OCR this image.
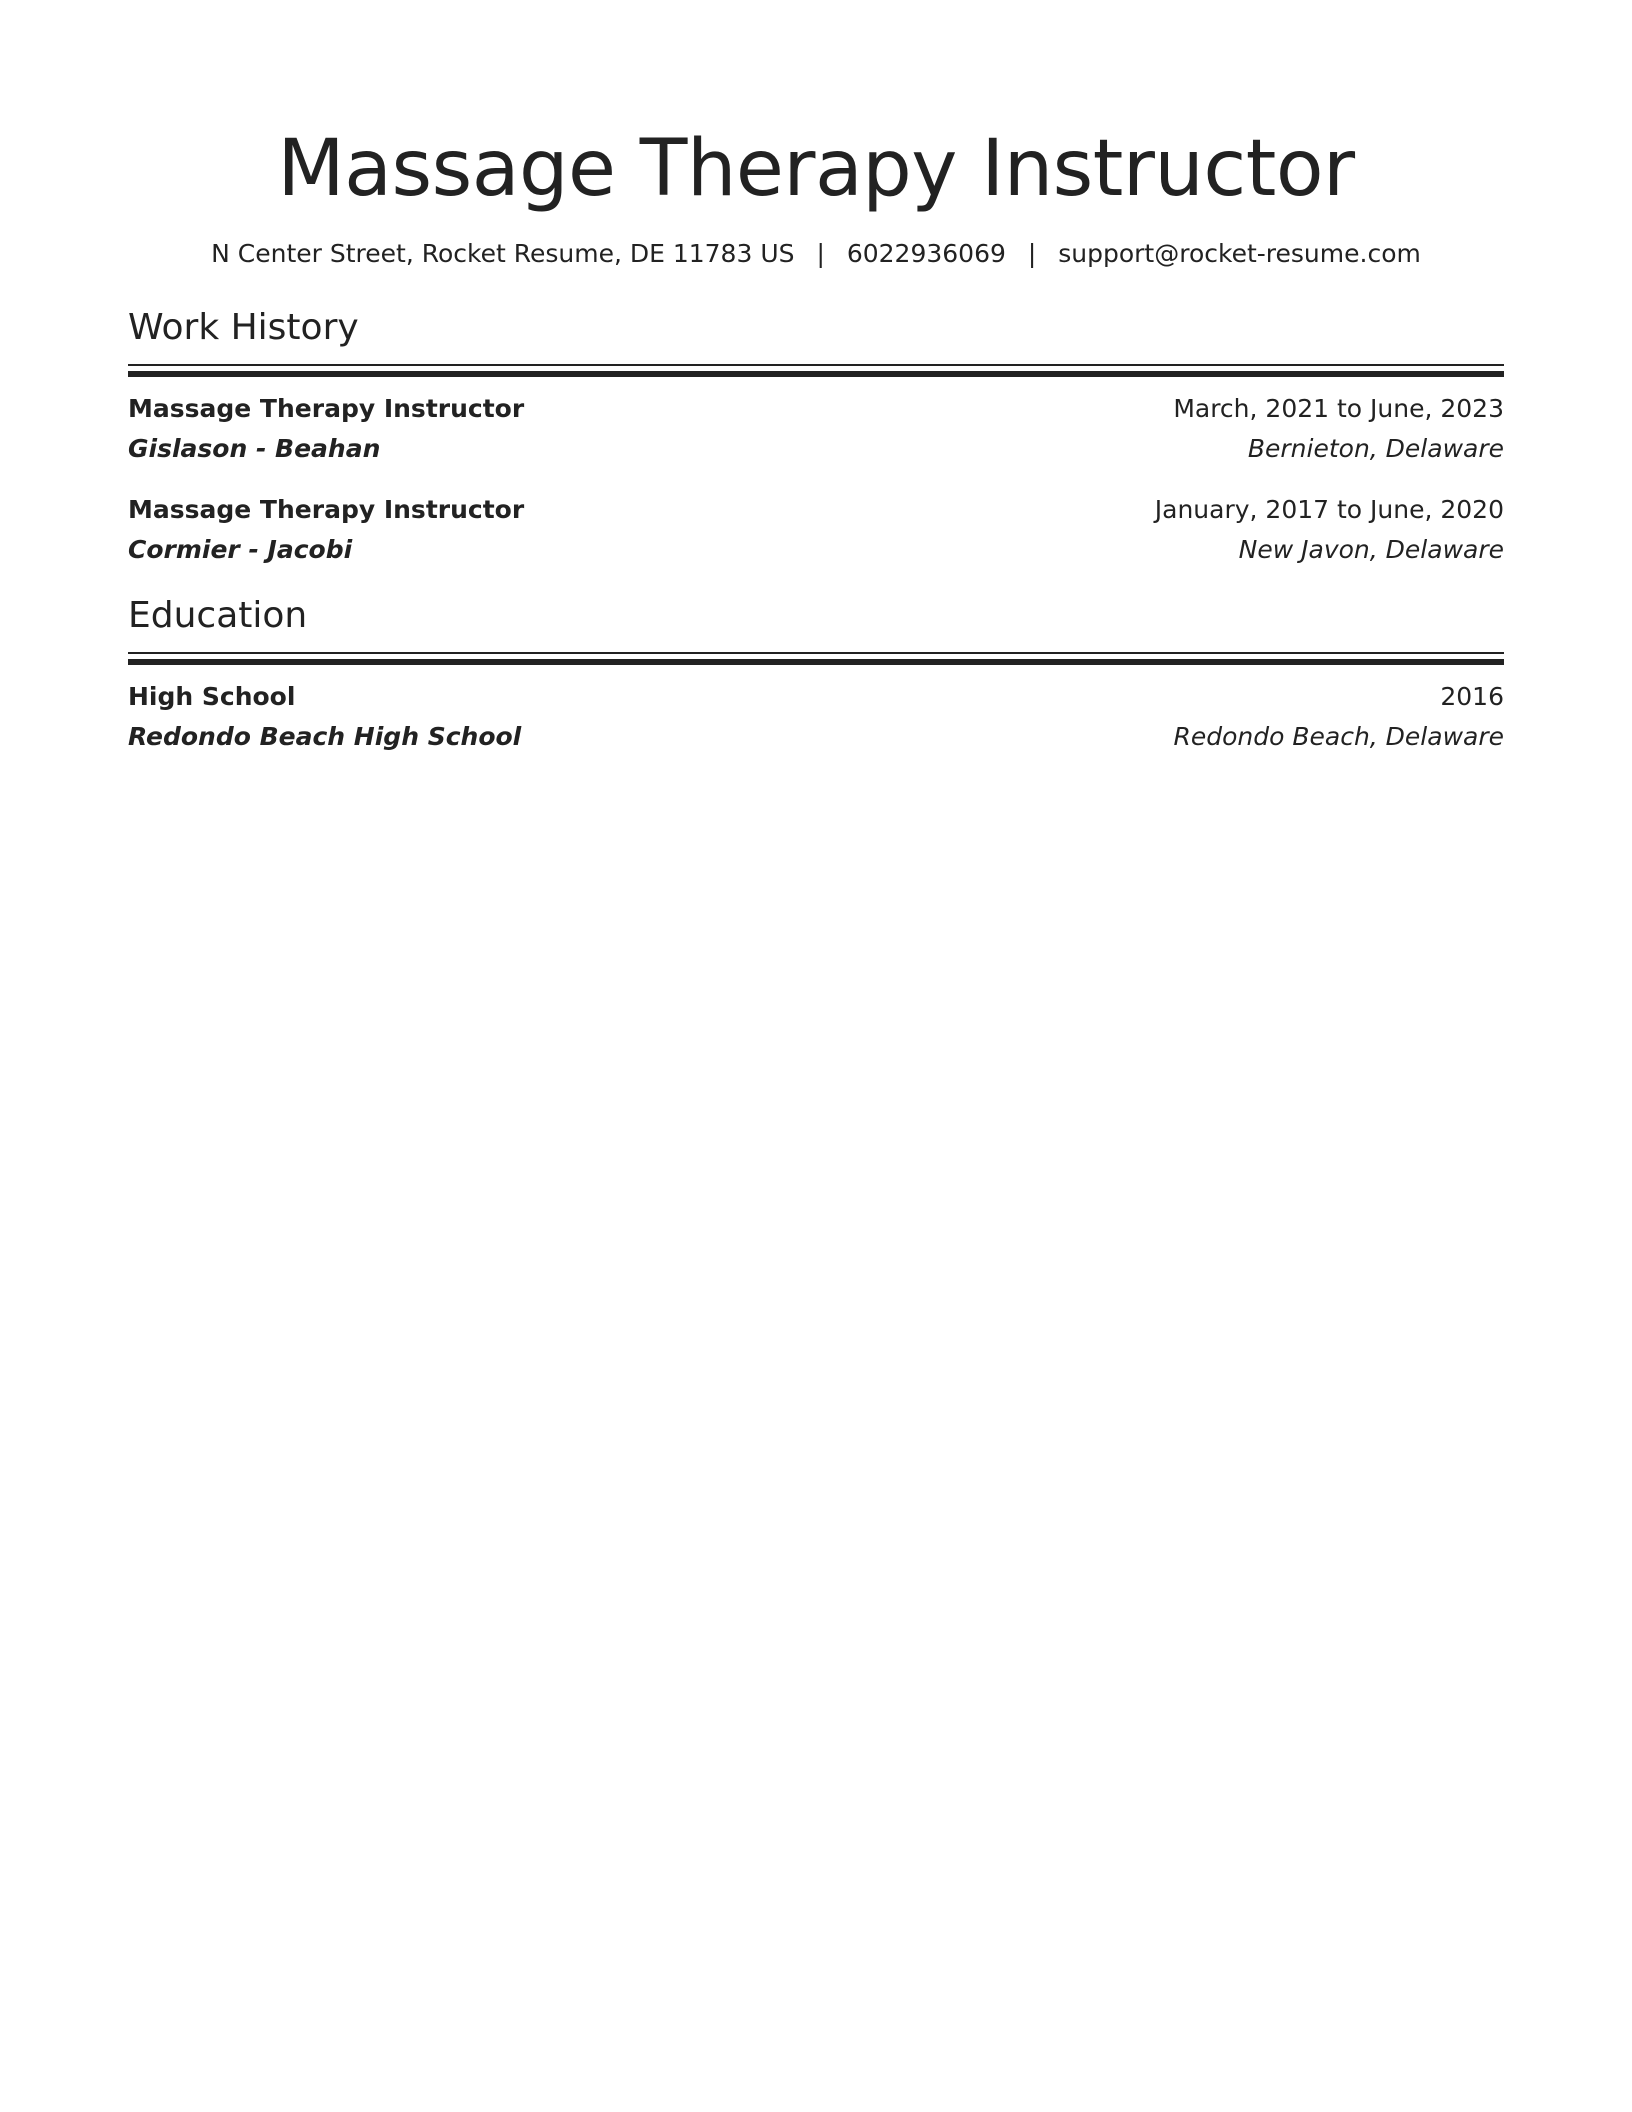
Massage Therapy Instructor
N Center Street, Rocket Resume, DE 11783 US | 6022936069 | support@rocket-resume.com
Work History
Massage Therapy Instructor	March, 2021 to June, 2023
Gislason - Beahan	Bernieton, Delaware
Massage Therapy Instructor	January, 2017 to June, 2020
Cormier - Jacobi	New Javon, Delaware
Education
High School	2016
Redondo Beach High School	Redondo Beach, Delaware
